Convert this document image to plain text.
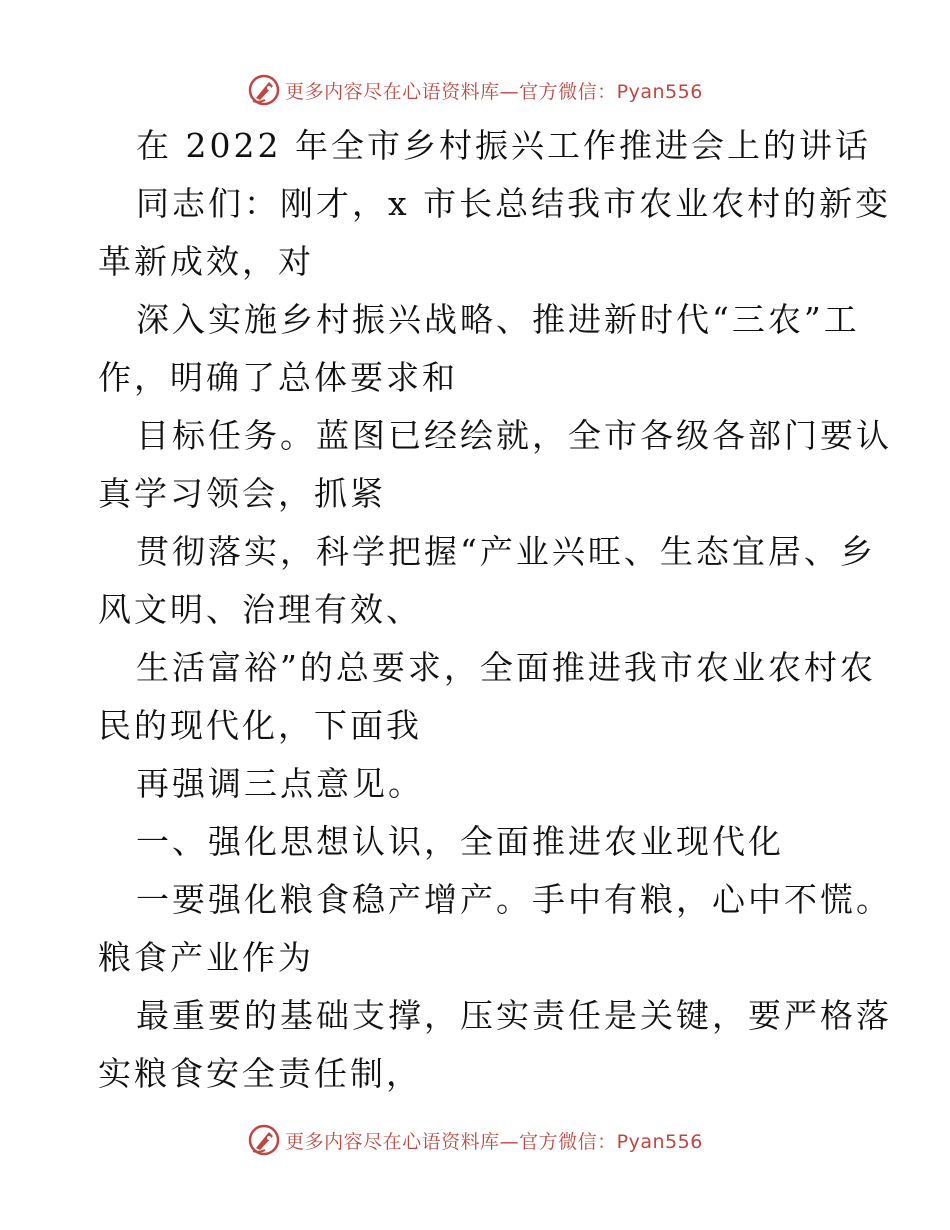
更多内容尽在心语资料库—官方微信：Pyan556

在 2022 年全市乡村振兴工作推进会上的讲话

同志们：刚才，x 市长总结我市农业农村的新变

革新成效，对

深入实施乡村振兴战略、推进新时代“三农”工

作，明确了总体要求和

目标任务。蓝图已经绘就，全市各级各部门要认

真学习领会，抓紧

贯彻落实，科学把握“产业兴旺、生态宜居、乡

风文明、治理有效、

生活富裕”的总要求，全面推进我市农业农村农

民的现代化，下面我

再强调三点意见。

一、强化思想认识，全面推进农业现代化

一要强化粮食稳产增产。手中有粮，心中不慌。

粮食产业作为

最重要的基础支撑，压实责任是关键，要严格落

实粮食安全责任制，

更多内容尽在心语资料库—官方微信：Pyan556
